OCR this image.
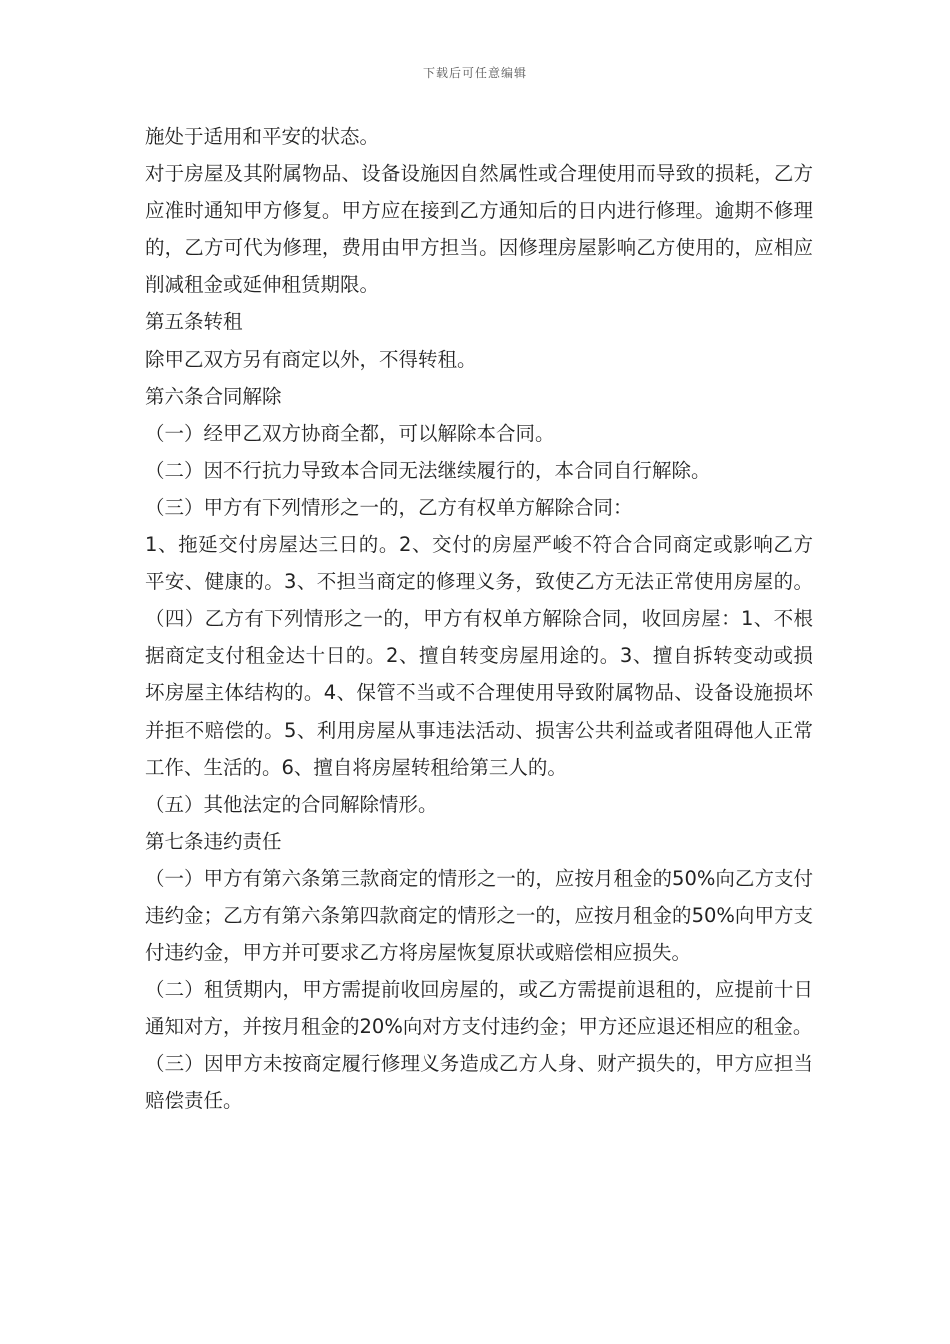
下载后可任意编辑

施处于适用和平安的状态。

对于房屋及其附属物品、设备设施因自然属性或合理使用而导致的损耗，乙方应准时通知甲方修复。甲方应在接到乙方通知后的日内进行修理。逾期不修理的，乙方可代为修理，费用由甲方担当。因修理房屋影响乙方使用的，应相应削减租金或延伸租赁期限。

第五条转租

除甲乙双方另有商定以外，不得转租。

第六条合同解除

（一）经甲乙双方协商全都，可以解除本合同。

（二）因不行抗力导致本合同无法继续履行的，本合同自行解除。

（三）甲方有下列情形之一的，乙方有权单方解除合同：

1、拖延交付房屋达三日的。2、交付的房屋严峻不符合合同商定或影响乙方平安、健康的。3、不担当商定的修理义务，致使乙方无法正常使用房屋的。（四）乙方有下列情形之一的，甲方有权单方解除合同，收回房屋：1、不根据商定支付租金达十日的。2、擅自转变房屋用途的。3、擅自拆转变动或损坏房屋主体结构的。4、保管不当或不合理使用导致附属物品、设备设施损坏并拒不赔偿的。5、利用房屋从事违法活动、损害公共利益或者阻碍他人正常工作、生活的。6、擅自将房屋转租给第三人的。

（五）其他法定的合同解除情形。

第七条违约责任

（一）甲方有第六条第三款商定的情形之一的，应按月租金的50%向乙方支付违约金；乙方有第六条第四款商定的情形之一的，应按月租金的50%向甲方支付违约金，甲方并可要求乙方将房屋恢复原状或赔偿相应损失。

（二）租赁期内，甲方需提前收回房屋的，或乙方需提前退租的，应提前十日通知对方，并按月租金的20%向对方支付违约金；甲方还应退还相应的租金。

（三）因甲方未按商定履行修理义务造成乙方人身、财产损失的，甲方应担当赔偿责任。
